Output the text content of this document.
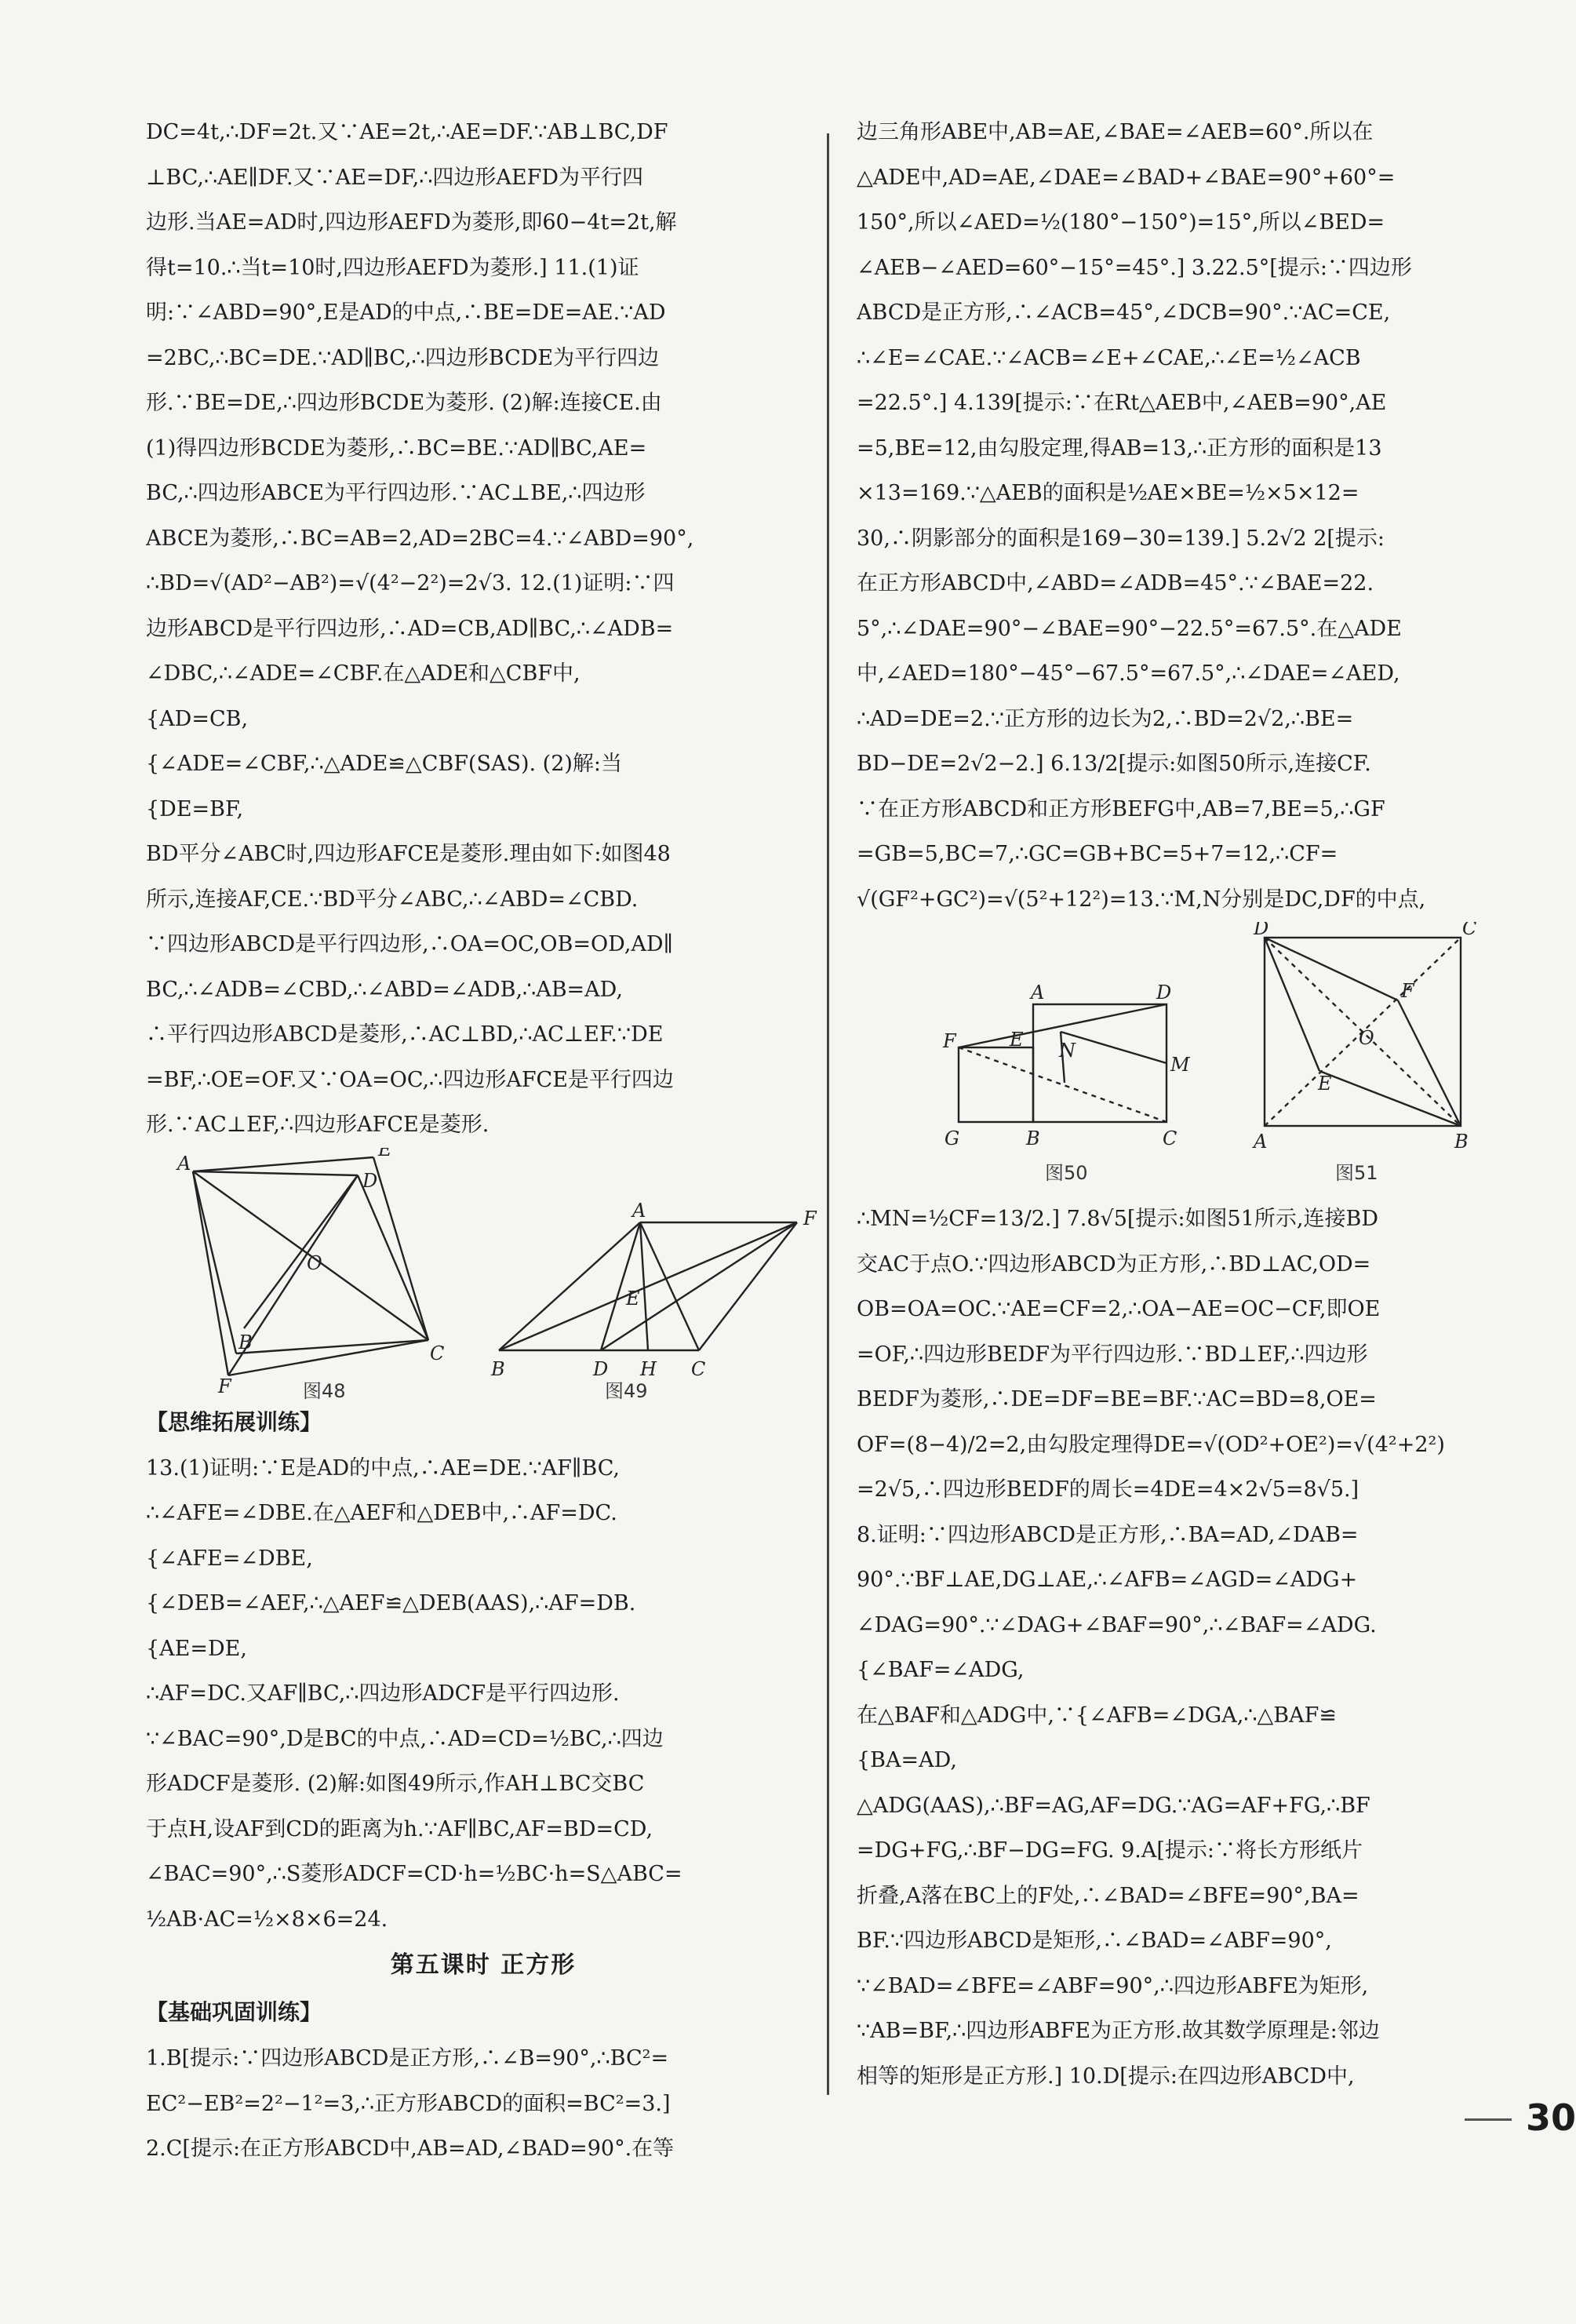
DC=4t,∴DF=2t.又∵AE=2t,∴AE=DF.∵AB⊥BC,DF
⊥BC,∴AE∥DF.又∵AE=DF,∴四边形AEFD为平行四
边形.当AE=AD时,四边形AEFD为菱形,即60−4t=2t,解
得t=10.∴当t=10时,四边形AEFD为菱形.] 11.(1)证
明:∵∠ABD=90°,E是AD的中点,∴BE=DE=AE.∵AD
=2BC,∴BC=DE.∵AD∥BC,∴四边形BCDE为平行四边
形.∵BE=DE,∴四边形BCDE为菱形. (2)解:连接CE.由
(1)得四边形BCDE为菱形,∴BC=BE.∵AD∥BC,AE=
BC,∴四边形ABCE为平行四边形.∵AC⊥BE,∴四边形
ABCE为菱形,∴BC=AB=2,AD=2BC=4.∵∠ABD=90°,
∴BD=√(AD²−AB²)=√(4²−2²)=2√3. 12.(1)证明:∵四
边形ABCD是平行四边形,∴AD=CB,AD∥BC,∴∠ADB=
∠DBC,∴∠ADE=∠CBF.在△ADE和△CBF中,
{AD=CB,
{∠ADE=∠CBF,∴△ADE≌△CBF(SAS). (2)解:当
{DE=BF,
BD平分∠ABC时,四边形AFCE是菱形.理由如下:如图48
所示,连接AF,CE.∵BD平分∠ABC,∴∠ABD=∠CBD.
∵四边形ABCD是平行四边形,∴OA=OC,OB=OD,AD∥
BC,∴∠ADB=∠CBD,∴∠ABD=∠ADB,∴AB=AD,
∴平行四边形ABCD是菱形,∴AC⊥BD,∴AC⊥EF.∵DE
=BF,∴OE=OF.又∵OA=OC,∴四边形AFCE是平行四边
形.∵AC⊥EF,∴四边形AFCE是菱形.
A
E
D
O
B	C
F
A	F
E
B	D H C
图48	图49
【思维拓展训练】
13.(1)证明:∵E是AD的中点,∴AE=DE.∵AF∥BC,
∴∠AFE=∠DBE.在△AEF和△DEB中,∴AF=DC.
{∠AFE=∠DBE,
{∠DEB=∠AEF,∴△AEF≌△DEB(AAS),∴AF=DB.
{AE=DE,
∴AF=DC.又AF∥BC,∴四边形ADCF是平行四边形.
∵∠BAC=90°,D是BC的中点,∴AD=CD=½BC,∴四边
形ADCF是菱形. (2)解:如图49所示,作AH⊥BC交BC
于点H,设AF到CD的距离为h.∵AF∥BC,AF=BD=CD,
∠BAC=90°,∴S菱形ADCF=CD·h=½BC·h=S△ABC=
½AB·AC=½×8×6=24.
第五课时 正方形
【基础巩固训练】
1.B[提示:∵四边形ABCD是正方形,∴∠B=90°,∴BC²=
EC²−EB²=2²−1²=3,∴正方形ABCD的面积=BC²=3.]
2.C[提示:在正方形ABCD中,AB=AD,∠BAD=90°.在等
边三角形ABE中,AB=AE,∠BAE=∠AEB=60°.所以在
△ADE中,AD=AE,∠DAE=∠BAD+∠BAE=90°+60°=
150°,所以∠AED=½(180°−150°)=15°,所以∠BED=
∠AEB−∠AED=60°−15°=45°.] 3.22.5°[提示:∵四边形
ABCD是正方形,∴∠ACB=45°,∠DCB=90°.∵AC=CE,
∴∠E=∠CAE.∵∠ACB=∠E+∠CAE,∴∠E=½∠ACB
=22.5°.] 4.139[提示:∵在Rt△AEB中,∠AEB=90°,AE
=5,BE=12,由勾股定理,得AB=13,∴正方形的面积是13
×13=169.∵△AEB的面积是½AE×BE=½×5×12=
30,∴阴影部分的面积是169−30=139.] 5.2√2 2[提示:
在正方形ABCD中,∠ABD=∠ADB=45°.∵∠BAE=22.
5°,∴∠DAE=90°−∠BAE=90°−22.5°=67.5°.在△ADE
中,∠AED=180°−45°−67.5°=67.5°,∴∠DAE=∠AED,
∴AD=DE=2.∵正方形的边长为2,∴BD=2√2,∴BE=
BD−DE=2√2−2.] 6.13/2[提示:如图50所示,连接CF.
∵在正方形ABCD和正方形BEFG中,AB=7,BE=5,∴GF
=GB=5,BC=7,∴GC=GB+BC=5+7=12,∴CF=
√(GF²+GC²)=√(5²+12²)=13.∵M,N分别是DC,DF的中点,
F	E
A	D
N
M
G	B	C
D	C
F
O
E
A	B
图50	图51
∴MN=½CF=13/2.] 7.8√5[提示:如图51所示,连接BD
交AC于点O.∵四边形ABCD为正方形,∴BD⊥AC,OD=
OB=OA=OC.∵AE=CF=2,∴OA−AE=OC−CF,即OE
=OF,∴四边形BEDF为平行四边形.∵BD⊥EF,∴四边形
BEDF为菱形,∴DE=DF=BE=BF.∵AC=BD=8,OE=
OF=(8−4)/2=2,由勾股定理得DE=√(OD²+OE²)=√(4²+2²)
=2√5,∴四边形BEDF的周长=4DE=4×2√5=8√5.]
8.证明:∵四边形ABCD是正方形,∴BA=AD,∠DAB=
90°.∵BF⊥AE,DG⊥AE,∴∠AFB=∠AGD=∠ADG+
∠DAG=90°.∵∠DAG+∠BAF=90°,∴∠BAF=∠ADG.
{∠BAF=∠ADG,
在△BAF和△ADG中,∵{∠AFB=∠DGA,∴△BAF≌
{BA=AD,
△ADG(AAS),∴BF=AG,AF=DG.∵AG=AF+FG,∴BF
=DG+FG,∴BF−DG=FG. 9.A[提示:∵将长方形纸片
折叠,A落在BC上的F处,∴∠BAD=∠BFE=90°,BA=
BF.∵四边形ABCD是矩形,∴∠BAD=∠ABF=90°,
∵∠BAD=∠BFE=∠ABF=90°,∴四边形ABFE为矩形,
∵AB=BF,∴四边形ABFE为正方形.故其数学原理是:邻边
相等的矩形是正方形.] 10.D[提示:在四边形ABCD中,
30
